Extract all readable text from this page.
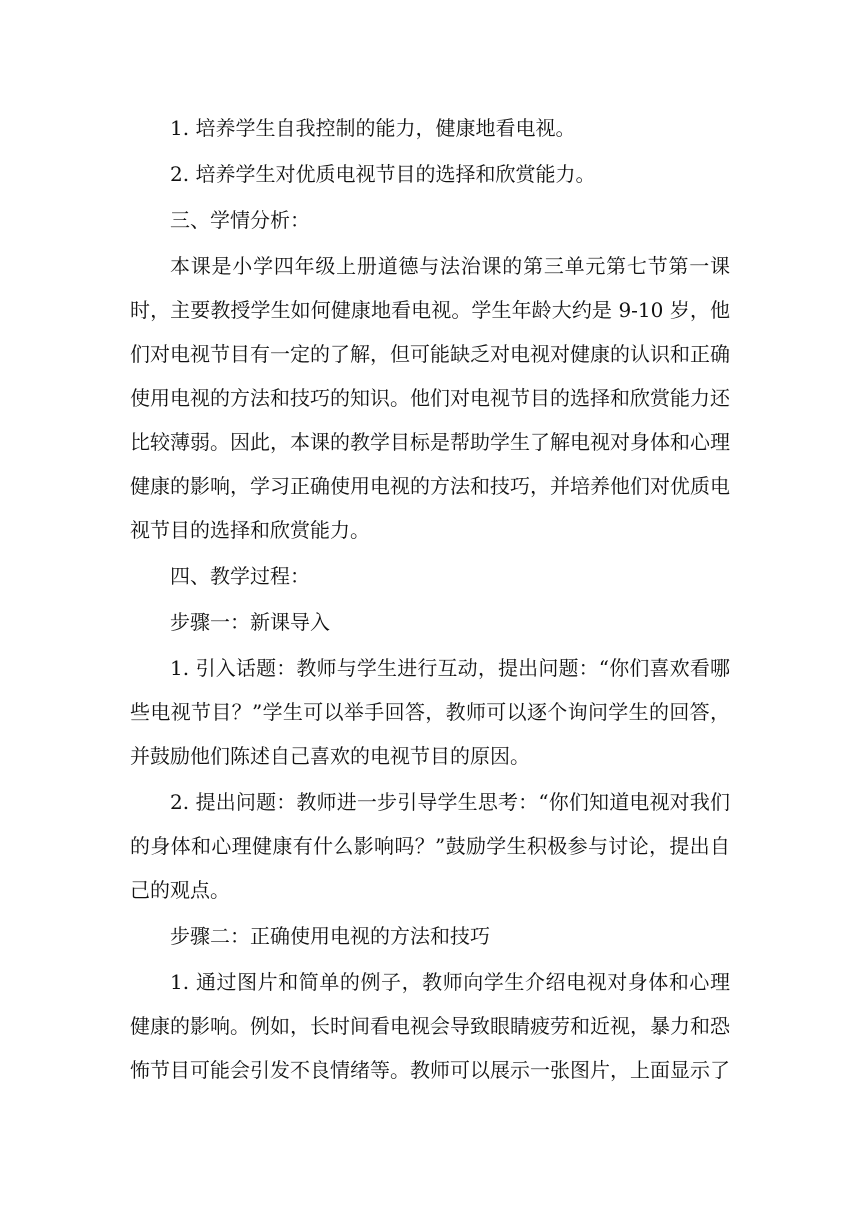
1. 培养学生自我控制的能力，健康地看电视。

2. 培养学生对优质电视节目的选择和欣赏能力。

三、学情分析：

本课是小学四年级上册道德与法治课的第三单元第七节第一课时，主要教授学生如何健康地看电视。学生年龄大约是 9-10 岁，他们对电视节目有一定的了解，但可能缺乏对电视对健康的认识和正确使用电视的方法和技巧的知识。他们对电视节目的选择和欣赏能力还比较薄弱。因此，本课的教学目标是帮助学生了解电视对身体和心理健康的影响，学习正确使用电视的方法和技巧，并培养他们对优质电视节目的选择和欣赏能力。

四、教学过程：

步骤一：新课导入

1. 引入话题：教师与学生进行互动，提出问题：“你们喜欢看哪些电视节目？”学生可以举手回答，教师可以逐个询问学生的回答，并鼓励他们陈述自己喜欢的电视节目的原因。

2. 提出问题：教师进一步引导学生思考：“你们知道电视对我们的身体和心理健康有什么影响吗？”鼓励学生积极参与讨论，提出自己的观点。

步骤二：正确使用电视的方法和技巧

1. 通过图片和简单的例子，教师向学生介绍电视对身体和心理健康的影响。例如，长时间看电视会导致眼睛疲劳和近视，暴力和恐怖节目可能会引发不良情绪等。教师可以展示一张图片，上面显示了
